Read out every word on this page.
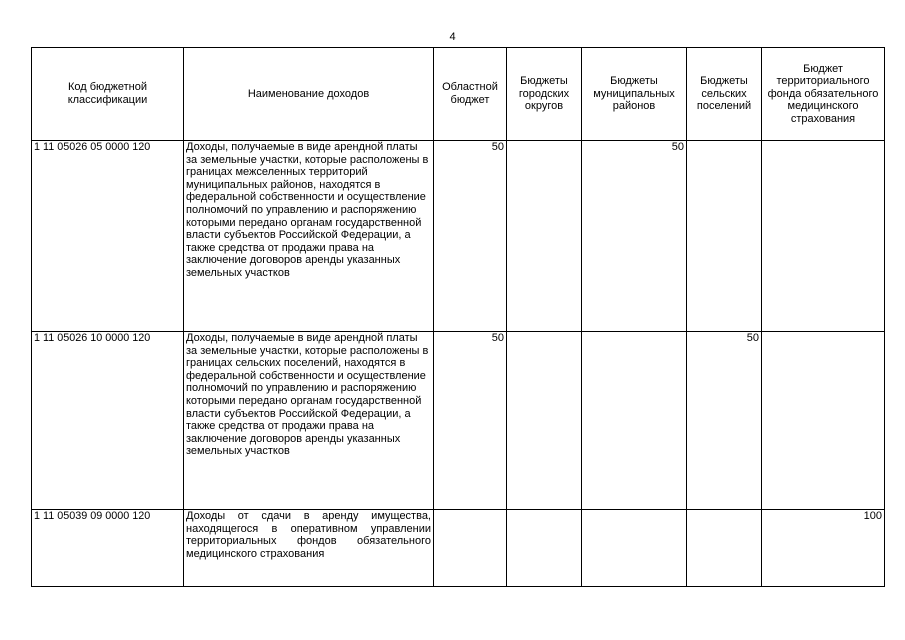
4
Код бюджетной классификации	Наименование доходов	Областной бюджет	Бюджеты городских округов	Бюджеты муниципальных районов	Бюджеты сельских поселений	Бюджет территориального фонда обязательного медицинского страхования
1 11 05026 05 0000 120	Доходы, получаемые в виде арендной платы за земельные участки, которые расположены в границах межселенных территорий муниципальных районов, находятся в федеральной собственности и осуществление полномочий по управлению и распоряжению которыми передано органам государственной власти субъектов Российской Федерации, а также средства от продажи права на заключение договоров аренды указанных земельных участков	50		50		
1 11 05026 10 0000 120	Доходы, получаемые в виде арендной платы за земельные участки, которые расположены в границах сельских поселений, находятся в федеральной собственности и осуществление полномочий по управлению и распоряжению которыми передано органам государственной власти субъектов Российской Федерации, а также средства от продажи права на заключение договоров аренды указанных земельных участков	50			50	
1 11 05039 09 0000 120	Доходы от сдачи в аренду имущества, находящегося в оперативном управлении территориальных фондов обязательного медицинского страхования					100
